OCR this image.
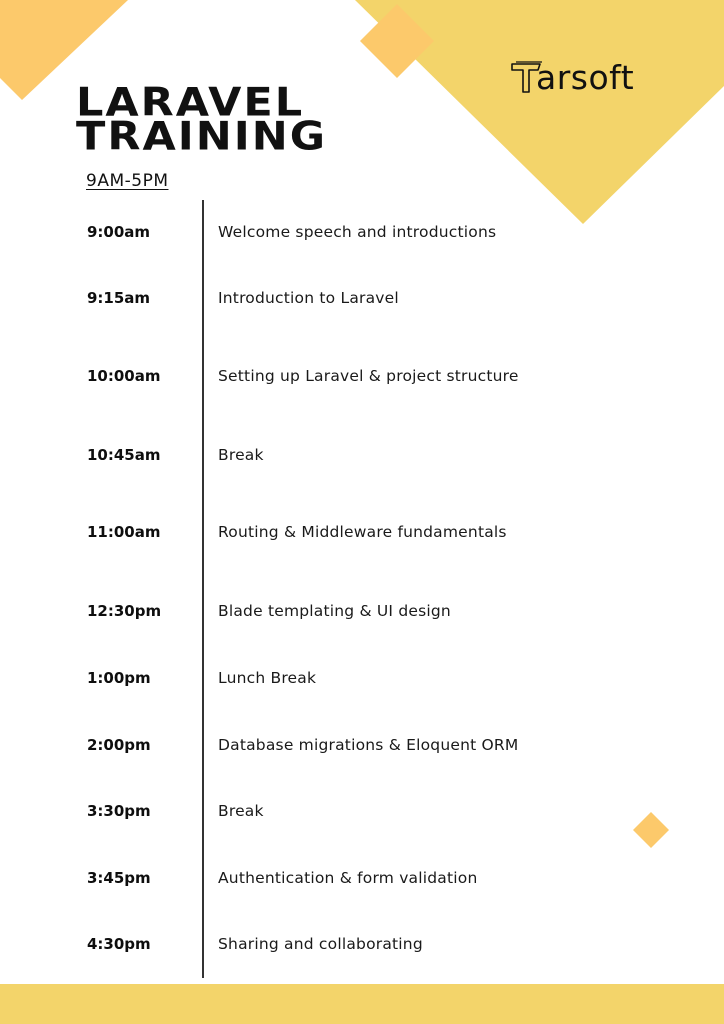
arsoft
LARAVEL
TRAINING
9AM-5PM
9:00am	Welcome speech and introductions
9:15am	Introduction to Laravel
10:00am	Setting up Laravel & project structure
10:45am	Break
11:00am	Routing & Middleware fundamentals
12:30pm	Blade templating & UI design
1:00pm	Lunch Break
2:00pm	Database migrations & Eloquent ORM
3:30pm	Break
3:45pm	Authentication & form validation
4:30pm	Sharing and collaborating
